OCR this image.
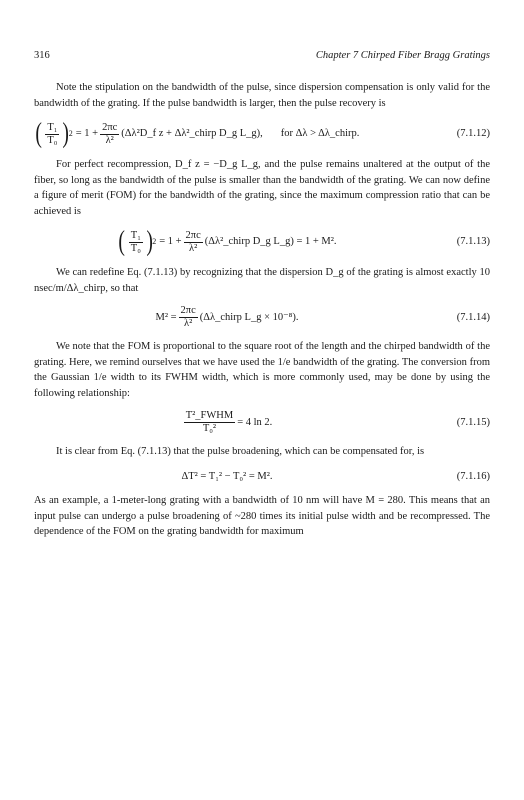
316	Chapter 7 Chirped Fiber Bragg Gratings

Note the stipulation on the bandwidth of the pulse, since dispersion compensation is only valid for the bandwidth of the grating. If the pulse bandwidth is larger, then the pulse recovery is

( $\frac{\text{T₁}}{\text{T₀}}$ ) $2 = 1 + \frac{2\pi c}{\text{λ²}}$ (Δλ²D_f z + Δλ²_chirp D_g L_g), for Δλ > Δλ_chirp.	(7.1.12)

For perfect recompression, D_f z = −D_g L_g, and the pulse remains unaltered at the output of the fiber, so long as the bandwidth of the pulse is smaller than the bandwidth of the grating. We can now define a figure of merit (FOM) for the bandwidth of the grating, since the maximum compression ratio that can be achieved is

( $\frac{\text{T₁}}{\text{T₀}}$ ) $2 = 1 + \frac{2\pi c}{\text{λ²}}$ (Δλ²_chirp D_g L_g) = 1 + M².	(7.1.13)

We can redefine Eq. (7.1.13) by recognizing that the dispersion D_g of the grating is almost exactly 10 nsec/m/Δλ_chirp, so that

$M^2 = \frac{2\pi c}{\text{λ²}}$ (Δλ_chirp L_g × 10⁻⁸).	(7.1.14)

We note that the FOM is proportional to the square root of the length and the chirped bandwidth of the grating. Here, we remind ourselves that we have used the 1/e bandwidth of the grating. The conversion from the Gaussian 1/e width to its FWHM width, which is more commonly used, may be done by using the following relationship:

$\frac{\text{T²\_FWHM}}{\text{T₀²}} = 4$ ln 2.	(7.1.15)

It is clear from Eq. (7.1.13) that the pulse broadening, which can be compensated for, is

ΔT² = T₁² − T₀² = M².	(7.1.16)

As an example, a 1-meter-long grating with a bandwidth of 10 nm will have M = 280. This means that an input pulse can undergo a pulse broadening of ~280 times its initial pulse width and be recompressed. The dependence of the FOM on the grating bandwidth for maximum
